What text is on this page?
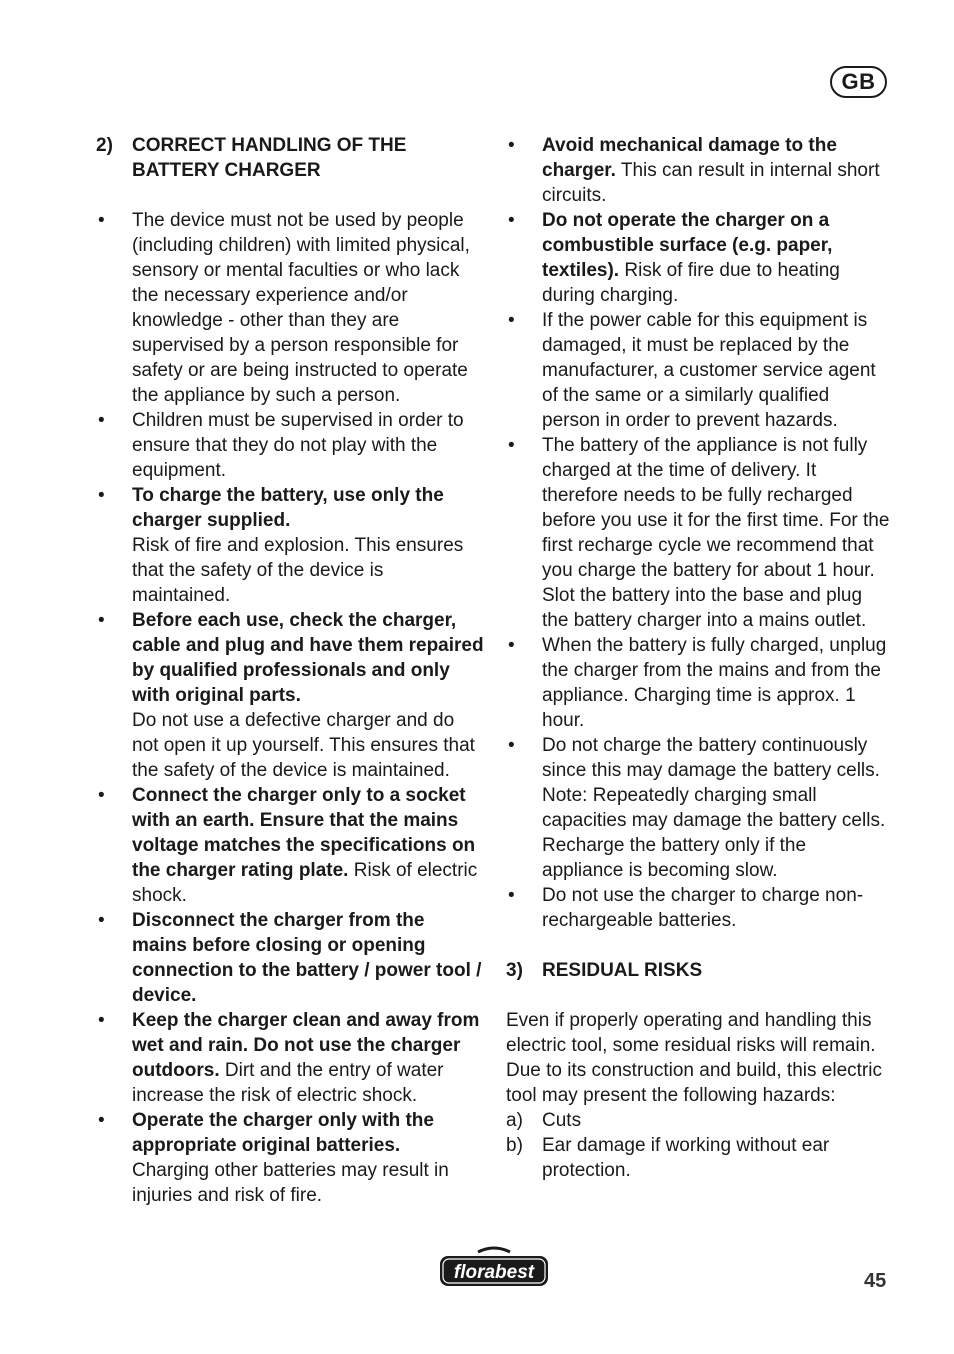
GB
2)	CORRECT HANDLING OF THE BATTERY CHARGER
•	The device must not be used by people (including children) with limited physical, sensory or mental faculties or who lack the necessary experience and/or knowledge - other than they are supervised by a person responsible for safety or are being instructed to operate the appliance by such a person.
•	Children must be supervised in order to ensure that they do not play with the equipment.
•	To charge the battery, use only the charger supplied.
Risk of fire and explosion. This ensures that the safety of the device is maintained.
•	Before each use, check the charger, cable and plug and have them repaired by qualified professionals and only with original parts.
Do not use a defective charger and do not open it up yourself. This ensures that the safety of the device is maintained.
•	Connect the charger only to a socket with an earth. Ensure that the mains voltage matches the specifications on the charger rating plate. Risk of electric shock.
•	Disconnect the charger from the mains before closing or opening connection to the battery / power tool / device.
•	Keep the charger clean and away from wet and rain. Do not use the charger outdoors. Dirt and the entry of water increase the risk of electric shock.
•	Operate the charger only with the appropriate original batteries.
Charging other batteries may result in injuries and risk of fire.
•	Avoid mechanical damage to the charger. This can result in internal short circuits.
•	Do not operate the charger on a combustible surface (e.g. paper, textiles). Risk of fire due to heating during charging.
•	If the power cable for this equipment is damaged, it must be replaced by the manufacturer, a customer service agent of the same or a similarly qualified person in order to prevent hazards.
•	The battery of the appliance is not fully charged at the time of delivery. It therefore needs to be fully recharged before you use it for the first time. For the first recharge cycle we recommend that you charge the battery for about 1 hour. Slot the battery into the base and plug the battery charger into a mains outlet.
•	When the battery is fully charged, unplug the charger from the mains and from the appliance. Charging time is approx. 1 hour.
•	Do not charge the battery continuously since this may damage the battery cells. Note: Repeatedly charging small capacities may damage the battery cells. Recharge the battery only if the appliance is becoming slow.
•	Do not use the charger to charge non-rechargeable batteries.
3)	RESIDUAL RISKS

Even if properly operating and handling this electric tool, some residual risks will remain. Due to its construction and build, this electric tool may present the following hazards:

a)	Cuts
b)	Ear damage if working without ear protection.
florabest	45
